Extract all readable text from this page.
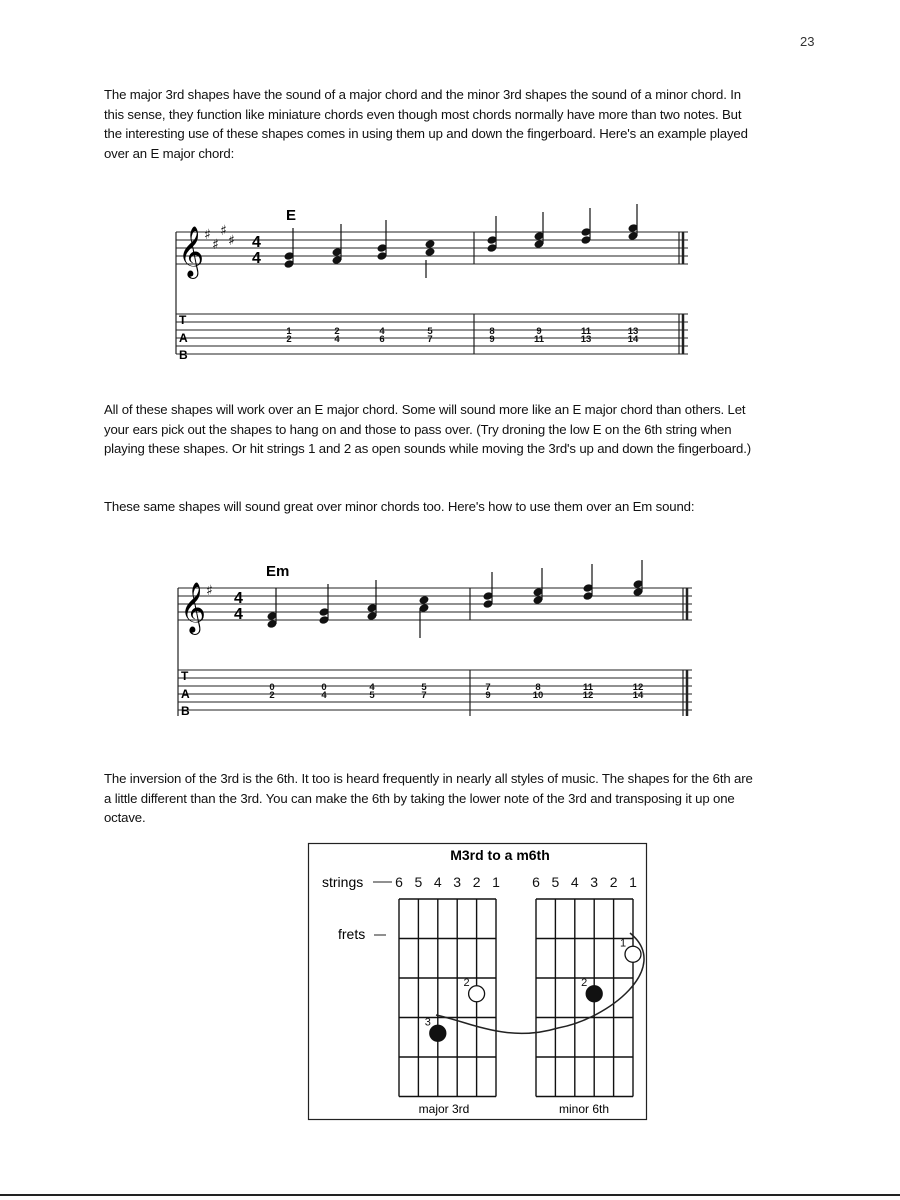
23

The major 3rd shapes have the sound of a major chord and the minor 3rd shapes the sound of a minor chord. In this sense, they function like miniature chords even though most chords normally have more than two notes. But the interesting use of these shapes comes in using them up and down the fingerboard. Here's an example played over an E major chord:

E
𝄞 ♯
♯
♯
♯ 4
4
T
A
B
1
2
2
4
4
6
5
7
8
9
9
11
11
13
13
14

All of these shapes will work over an E major chord. Some will sound more like an E major chord than others. Let your ears pick out the shapes to hang on and those to pass over. (Try droning the low E on the 6th string when playing these shapes. Or hit strings 1 and 2 as open sounds while moving the 3rd's up and down the fingerboard.)

These same shapes will sound great over minor chords too. Here's how to use them over an Em sound:

Em
𝄞 ♯ 4
4
T
A
B
0
2
0
4
4
5
5
7
7
9
8
10
11
12
12
14

The inversion of the 3rd is the 6th. It too is heard frequently in nearly all styles of music. The shapes for the 6th are a little different than the 3rd. You can make the 6th by taking the lower note of the 3rd and transposing it up one octave.

M3rd to a m6th
strings
frets
6 5 4 3 2 1 6 5 4 3 2 1
2
3
1
2
major 3rd	minor 6th
